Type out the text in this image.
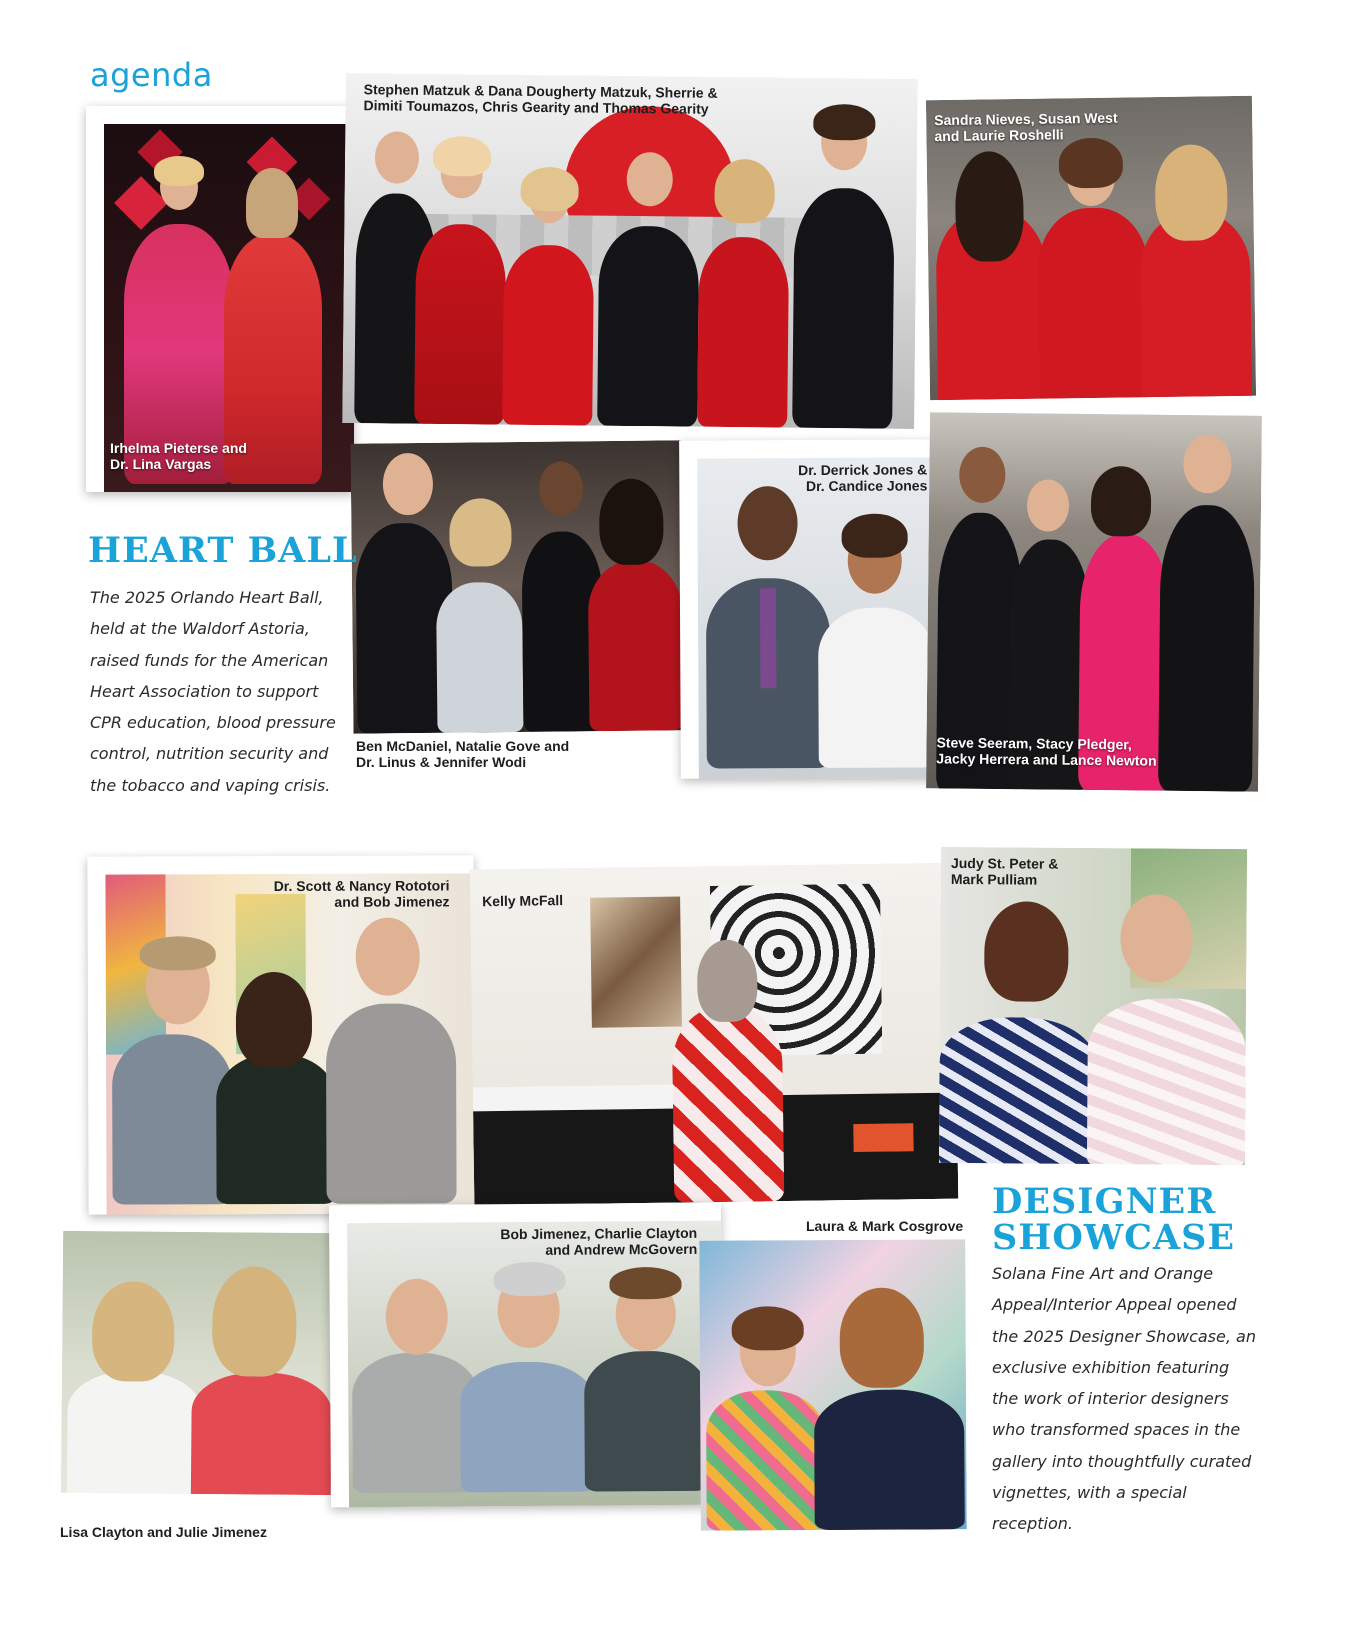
agenda
Irhelma Pieterse and
Dr. Lina Vargas
Stephen Matzuk & Dana Dougherty Matzuk, Sherrie &
Dimiti Toumazos, Chris Gearity and Thomas Gearity
Sandra Nieves, Susan West
and Laurie Roshelli
Ben McDaniel, Natalie Gove and
Dr. Linus & Jennifer Wodi
Dr. Derrick Jones &
Dr. Candice Jones
Steve Seeram, Stacy Pledger,
Jacky Herrera and Lance Newton
HEART BALL
The 2025 Orlando Heart Ball,
held at the Waldorf Astoria,
raised funds for the American
Heart Association to support
CPR education, blood pressure
control, nutrition security and
the tobacco and vaping crisis.
Dr. Scott & Nancy Rototori
and Bob Jimenez Kelly McFall
Judy St. Peter &
Mark Pulliam
Lisa Clayton and Julie Jimenez
Bob Jimenez, Charlie Clayton
and Andrew McGovern
Laura & Mark Cosgrove
DESIGNER
SHOWCASE
Solana Fine Art and Orange
Appeal/Interior Appeal opened
the 2025 Designer Showcase, an
exclusive exhibition featuring
the work of interior designers
who transformed spaces in the
gallery into thoughtfully curated
vignettes, with a special
reception.
